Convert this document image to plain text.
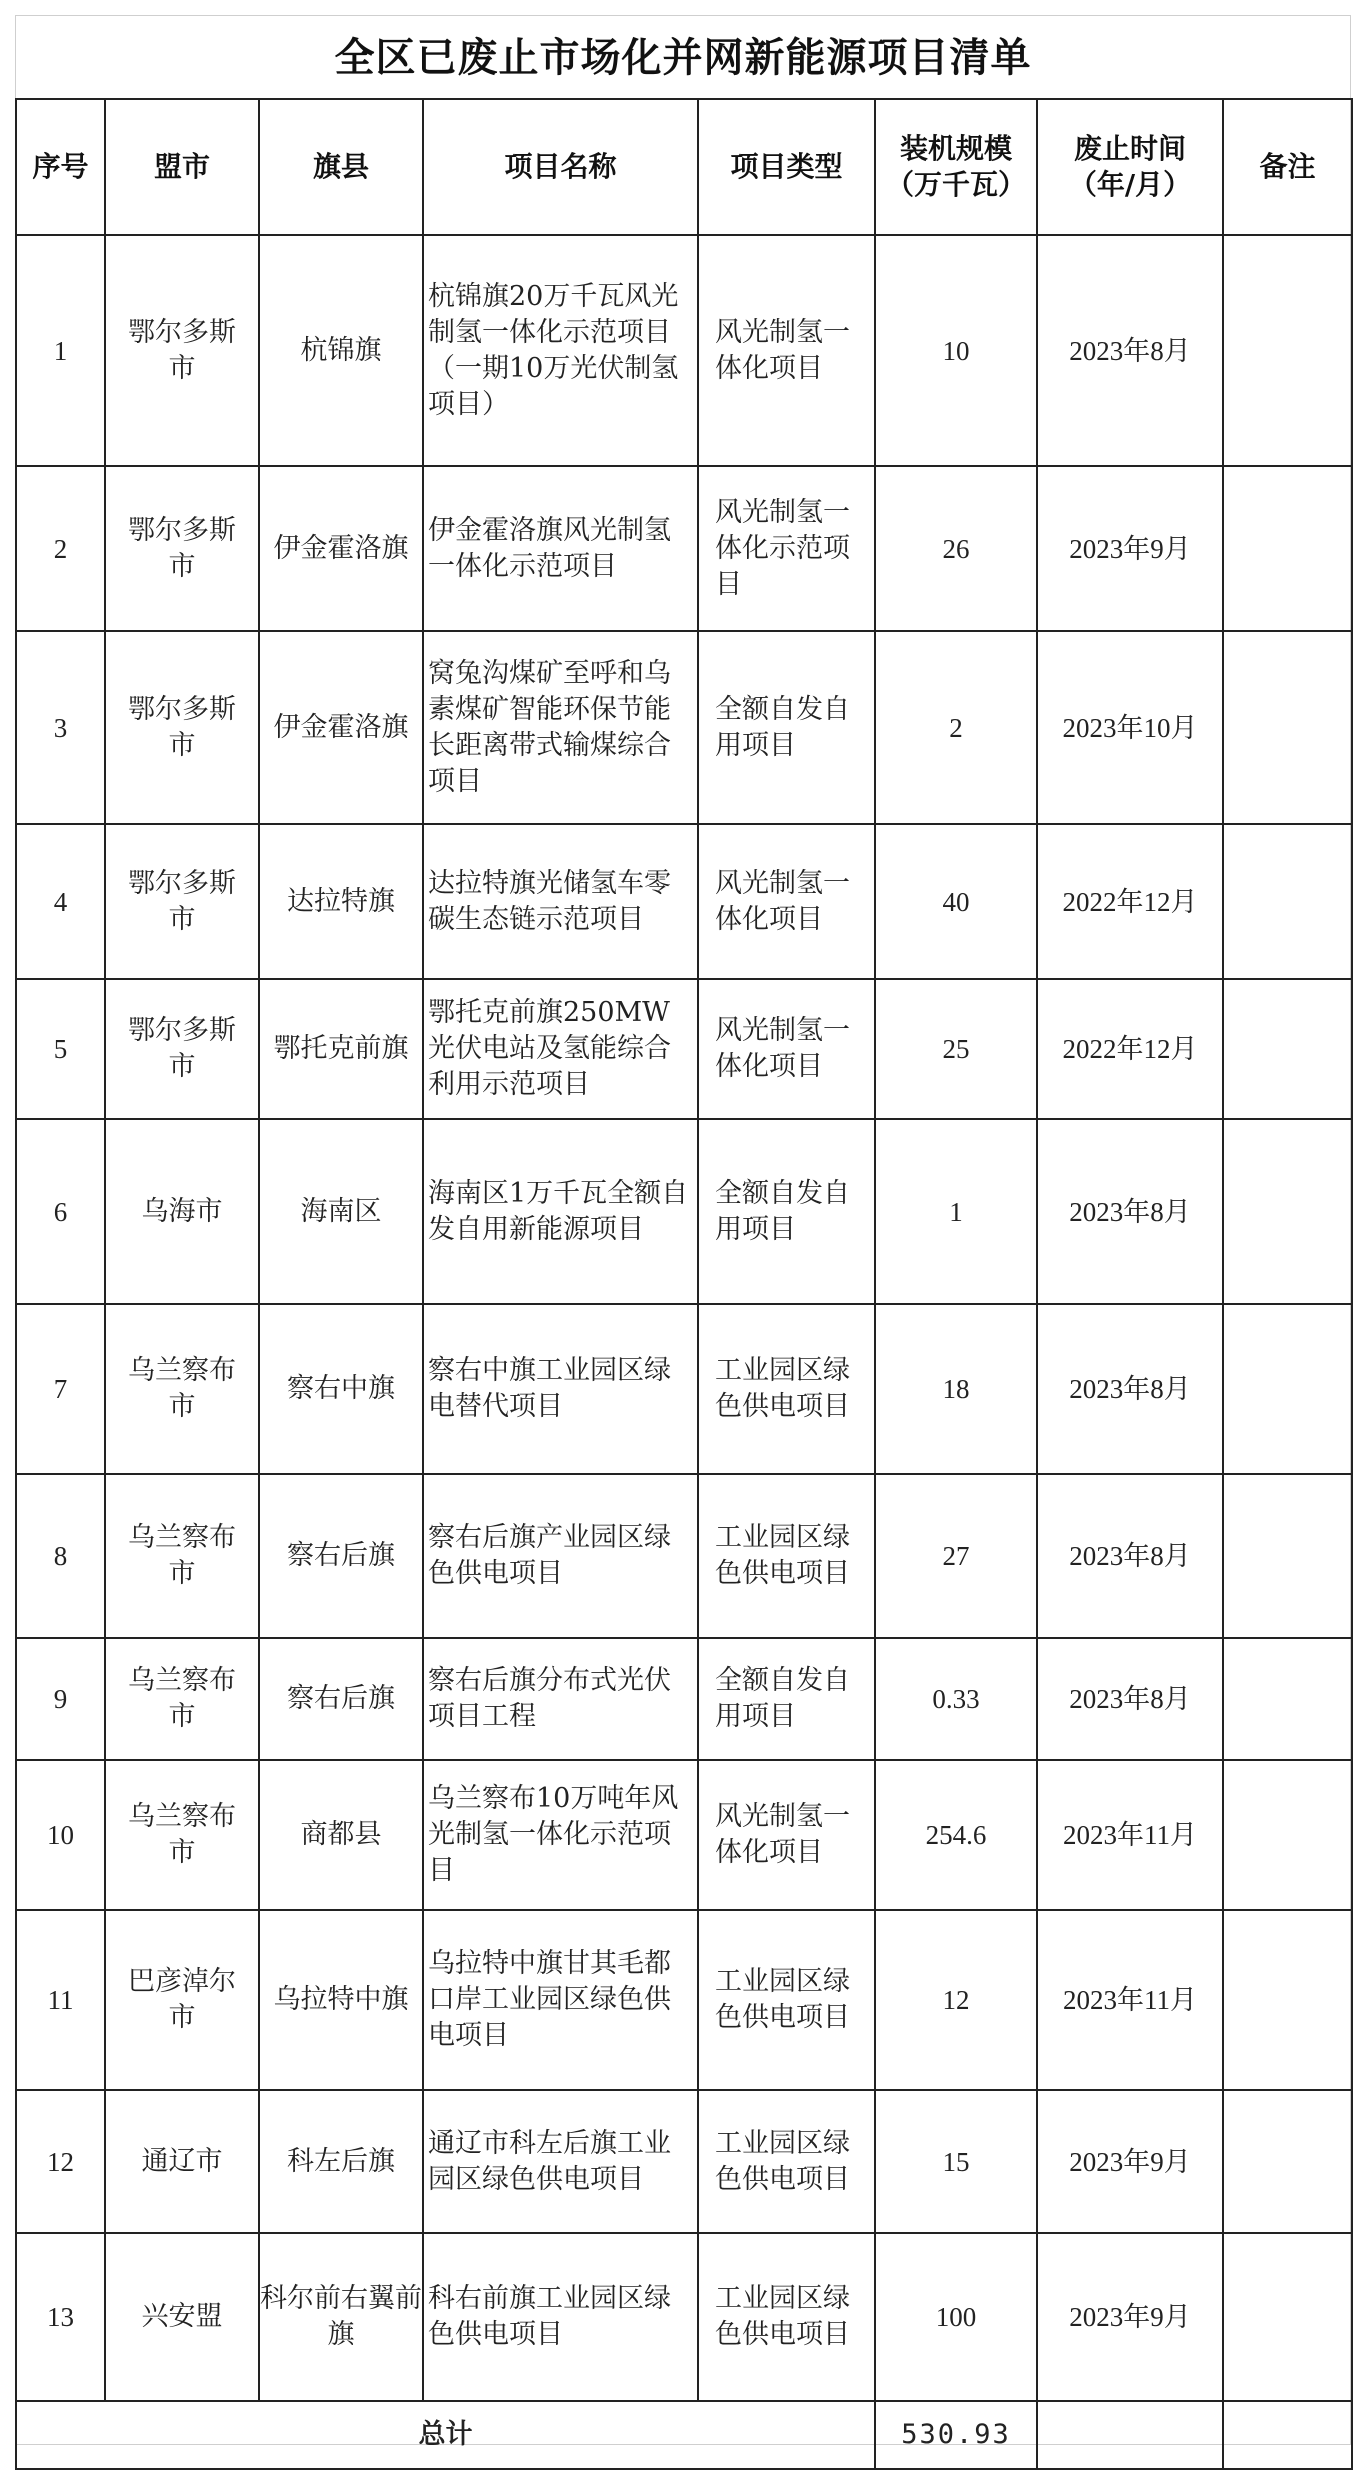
全区已废止市场化并网新能源项目清单
序号	盟市	旗县	项目名称	项目类型	装机规模（万千瓦）	废止时间（年/月）	备注
1	鄂尔多斯市	杭锦旗	杭锦旗20万千瓦风光制氢一体化示范项目（一期10万光伏制氢项目）	风光制氢一体化项目	10	2023年8月	
2	鄂尔多斯市	伊金霍洛旗	伊金霍洛旗风光制氢一体化示范项目	风光制氢一体化示范项目	26	2023年9月	
3	鄂尔多斯市	伊金霍洛旗	窝兔沟煤矿至呼和乌素煤矿智能环保节能长距离带式输煤综合项目	全额自发自用项目	2	2023年10月	
4	鄂尔多斯市	达拉特旗	达拉特旗光储氢车零碳生态链示范项目	风光制氢一体化项目	40	2022年12月	
5	鄂尔多斯市	鄂托克前旗	鄂托克前旗250MW光伏电站及氢能综合利用示范项目	风光制氢一体化项目	25	2022年12月	
6	乌海市	海南区	海南区1万千瓦全额自发自用新能源项目	全额自发自用项目	1	2023年8月	
7	乌兰察布市	察右中旗	察右中旗工业园区绿电替代项目	工业园区绿色供电项目	18	2023年8月	
8	乌兰察布市	察右后旗	察右后旗产业园区绿色供电项目	工业园区绿色供电项目	27	2023年8月	
9	乌兰察布市	察右后旗	察右后旗分布式光伏项目工程	全额自发自用项目	0.33	2023年8月	
10	乌兰察布市	商都县	乌兰察布10万吨年风光制氢一体化示范项目	风光制氢一体化项目	254.6	2023年11月	
11	巴彦淖尔市	乌拉特中旗	乌拉特中旗甘其毛都口岸工业园区绿色供电项目	工业园区绿色供电项目	12	2023年11月	
12	通辽市	科左后旗	通辽市科左后旗工业园区绿色供电项目	工业园区绿色供电项目	15	2023年9月	
13	兴安盟	科尔前右翼前旗	科右前旗工业园区绿色供电项目	工业园区绿色供电项目	100	2023年9月	
总计					530.93		
